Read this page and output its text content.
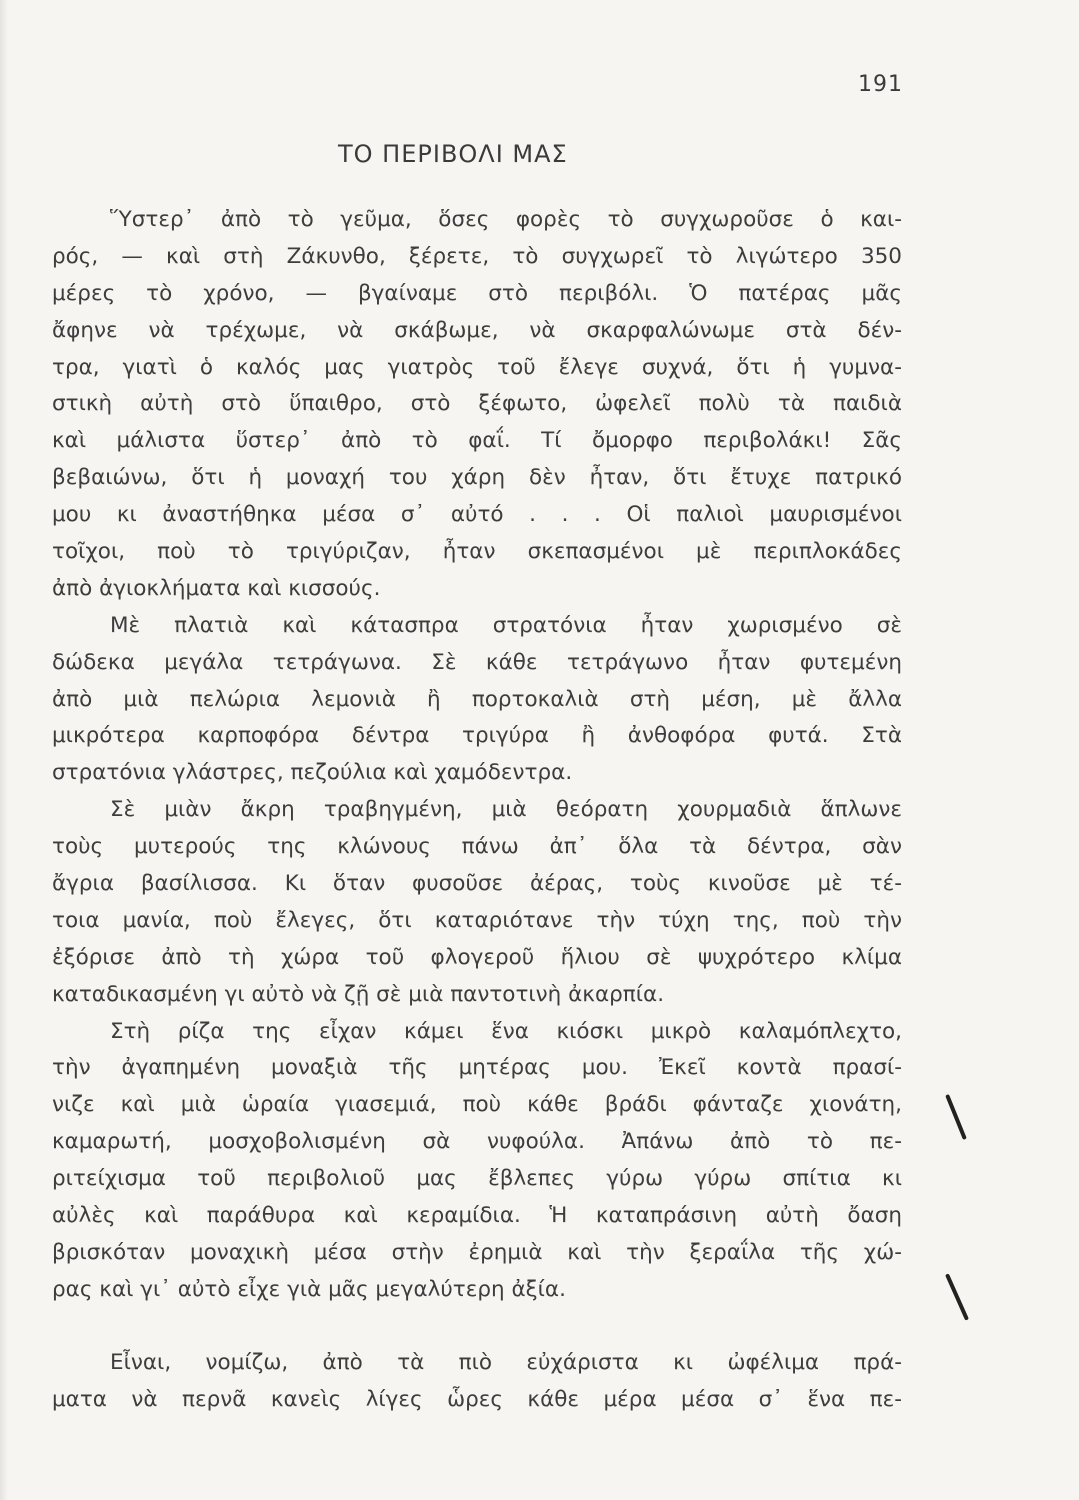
191
ΤΟ ΠΕΡΙΒΟΛΙ ΜΑΣ
Ὕστερ᾽ ἀπὸ τὸ γεῦμα, ὅσες φορὲς τὸ συγχωροῦσε ὁ και-
ρός, — καὶ στὴ Ζάκυνθο, ξέρετε, τὸ συγχωρεῖ τὸ λιγώτερο 350
μέρες τὸ χρόνο, — βγαίναμε στὸ περιβόλι. Ὁ πατέρας μᾶς
ἄφηνε νὰ τρέχωμε, νὰ σκάβωμε, νὰ σκαρφαλώνωμε στὰ δέν-
τρα, γιατὶ ὁ καλός μας γιατρὸς τοῦ ἔλεγε συχνά, ὅτι ἡ γυμνα-
στικὴ αὐτὴ στὸ ὕπαιθρο, στὸ ξέφωτο, ὠφελεῖ πολὺ τὰ παιδιὰ
καὶ μάλιστα ὕστερ᾽ ἀπὸ τὸ φαΐ. Τί ὄμορφο περιβολάκι! Σᾶς
βεβαιώνω, ὅτι ἡ μοναχή του χάρη δὲν ἦταν, ὅτι ἔτυχε πατρικό
μου κι ἀναστήθηκα μέσα σ᾽ αὐτό . . . Οἱ παλιοὶ μαυρισμένοι
τοῖχοι, ποὺ τὸ τριγύριζαν, ἦταν σκεπασμένοι μὲ περιπλοκάδες
ἀπὸ ἀγιοκλήματα καὶ κισσούς.
Μὲ πλατιὰ καὶ κάτασπρα στρατόνια ἦταν χωρισμένο σὲ
δώδεκα μεγάλα τετράγωνα. Σὲ κάθε τετράγωνο ἦταν φυτεμένη
ἀπὸ μιὰ πελώρια λεμονιὰ ἢ πορτοκαλιὰ στὴ μέση, μὲ ἄλλα
μικρότερα καρποφόρα δέντρα τριγύρα ἢ ἀνθοφόρα φυτά. Στὰ
στρατόνια γλάστρες, πεζούλια καὶ χαμόδεντρα.
Σὲ μιὰν ἄκρη τραβηγμένη, μιὰ θεόρατη χουρμαδιὰ ἅπλωνε
τοὺς μυτερούς της κλώνους πάνω ἀπ᾽ ὅλα τὰ δέντρα, σὰν
ἄγρια βασίλισσα. Κι ὅταν φυσοῦσε ἀέρας, τοὺς κινοῦσε μὲ τέ-
τοια μανία, ποὺ ἔλεγες, ὅτι καταριότανε τὴν τύχη της, ποὺ τὴν
ἐξόρισε ἀπὸ τὴ χώρα τοῦ φλογεροῦ ἥλιου σὲ ψυχρότερο κλίμα
καταδικασμένη γι αὐτὸ νὰ ζῇ σὲ μιὰ παντοτινὴ ἀκαρπία.
Στὴ ρίζα της εἶχαν κάμει ἕνα κιόσκι μικρὸ καλαμόπλεχτο,
τὴν ἀγαπημένη μοναξιὰ τῆς μητέρας μου. Ἐκεῖ κοντὰ πρασί-
νιζε καὶ μιὰ ὡραία γιασεμιά, ποὺ κάθε βράδι φάνταζε χιονάτη,
καμαρωτή, μοσχοβολισμένη σὰ νυφούλα. Ἀπάνω ἀπὸ τὸ πε-
ριτείχισμα τοῦ περιβολιοῦ μας ἔβλεπες γύρω γύρω σπίτια κι
αὐλὲς καὶ παράθυρα καὶ κεραμίδια. Ἡ καταπράσινη αὐτὴ ὄαση
βρισκόταν μοναχικὴ μέσα στὴν ἐρημιὰ καὶ τὴν ξεραΐλα τῆς χώ-
ρας καὶ γι᾽ αὐτὸ εἶχε γιὰ μᾶς μεγαλύτερη ἀξία.
Εἶναι, νομίζω, ἀπὸ τὰ πιὸ εὐχάριστα κι ὠφέλιμα πρά-
ματα νὰ περνᾶ κανεὶς λίγες ὧρες κάθε μέρα μέσα σ᾽ ἕνα πε-
